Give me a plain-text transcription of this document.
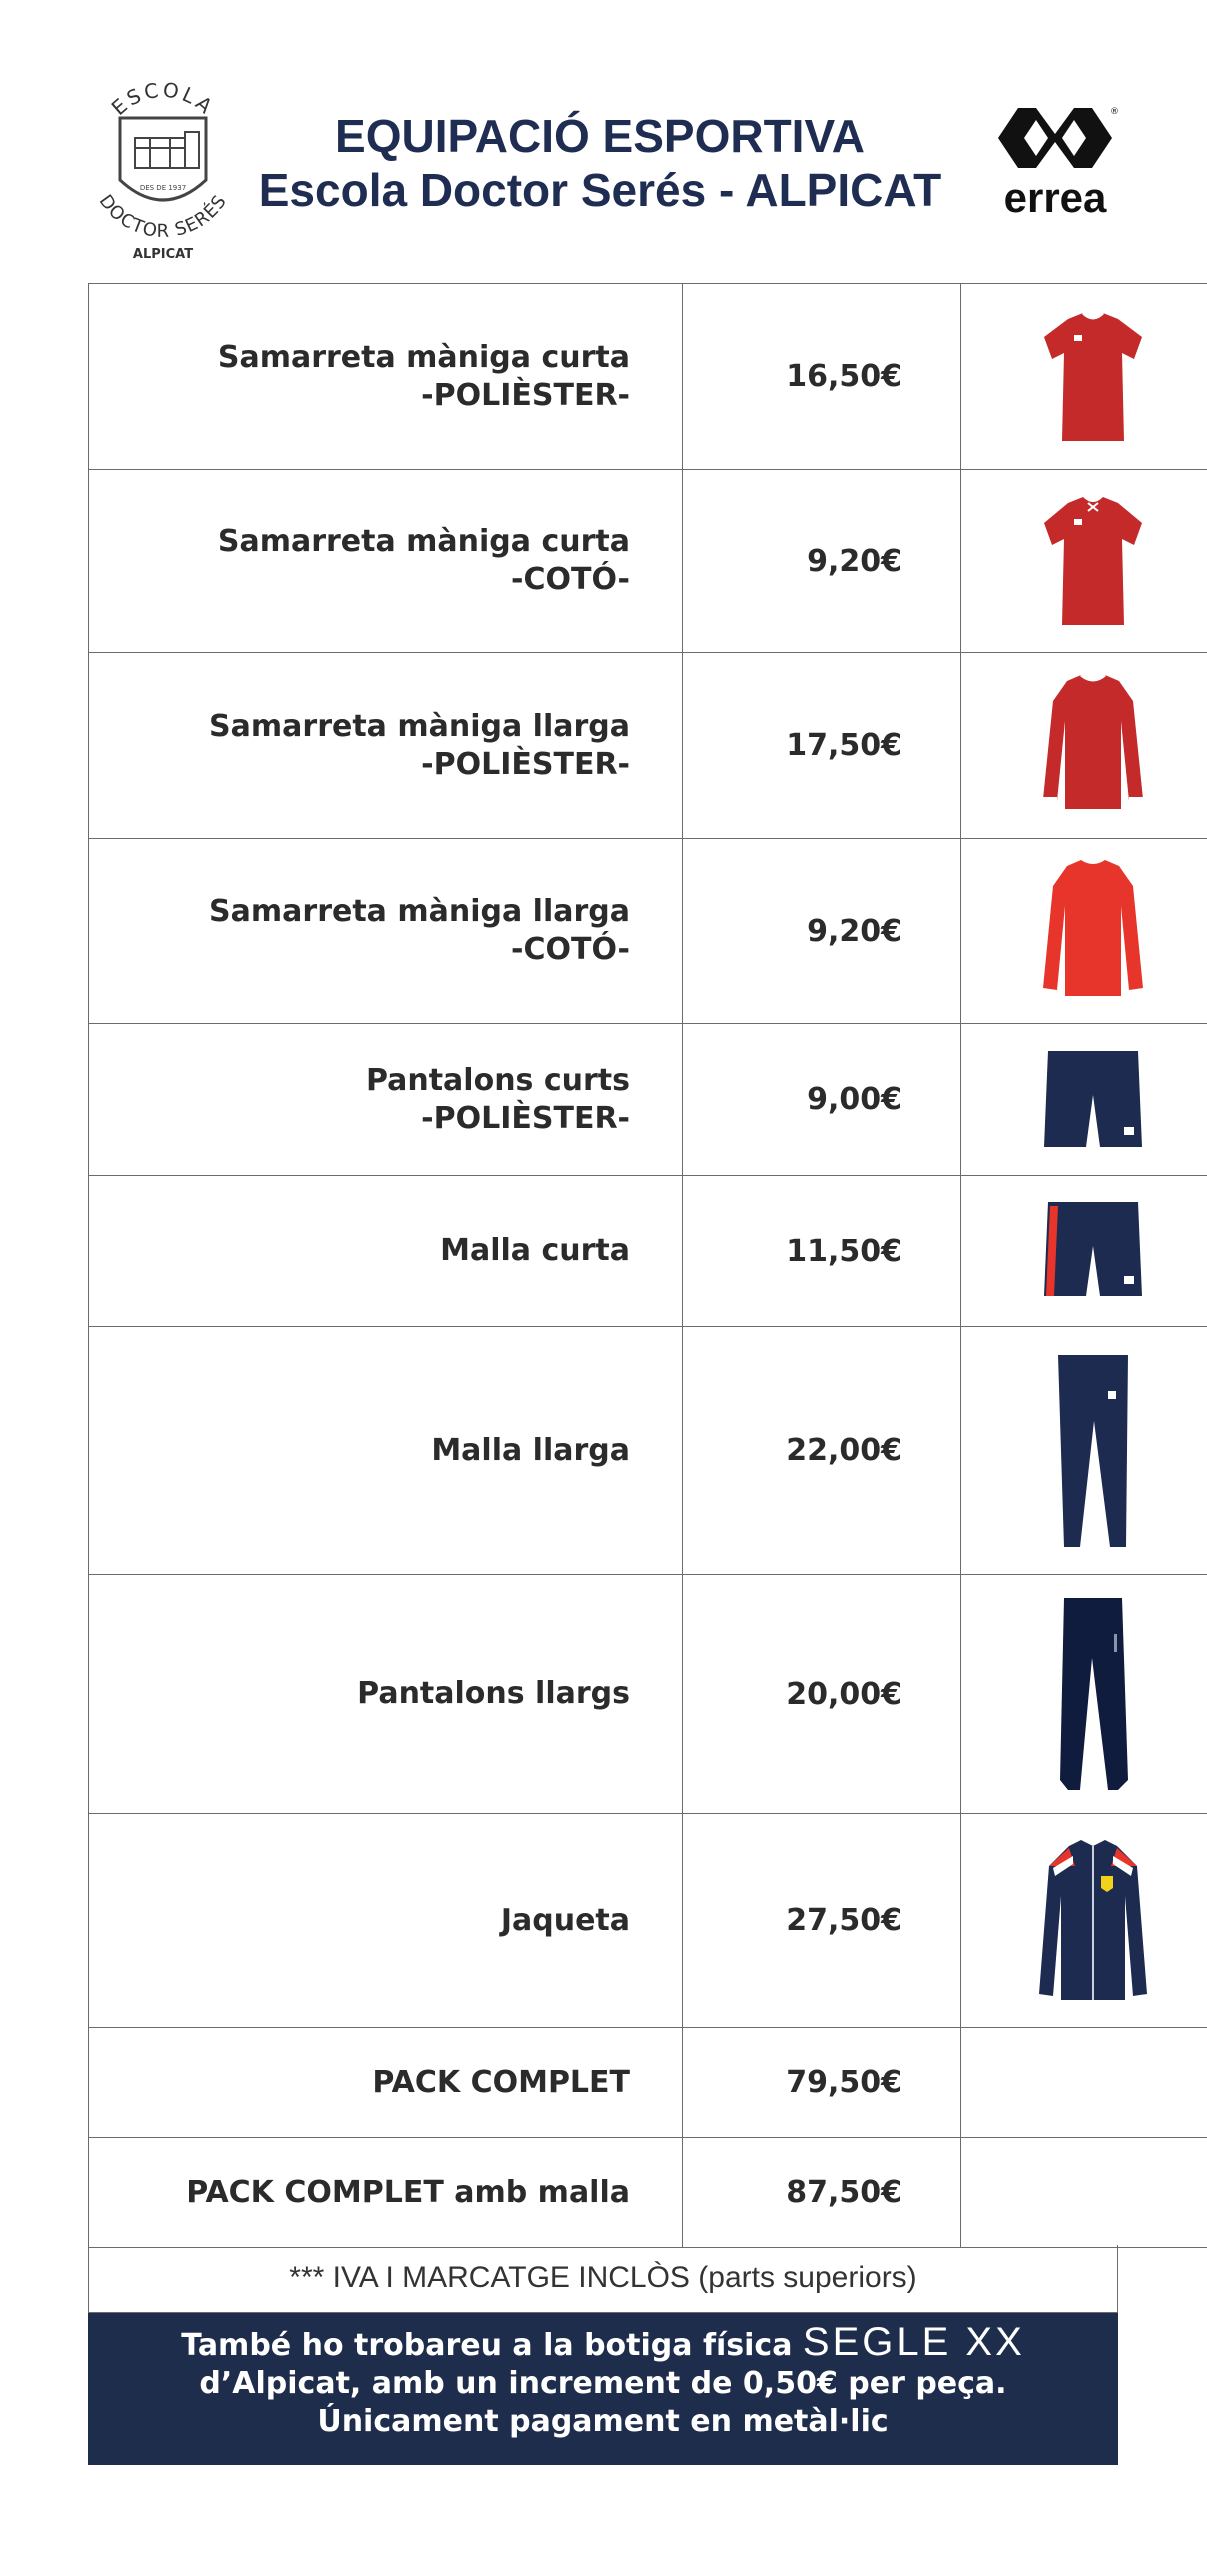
ESCOLA
DES DE 1937
DOCTOR SERÉS
ALPICAT
EQUIPACIÓ ESPORTIVA
Escola Doctor Serés - ALPICAT
®
errea
Samarreta màniga curta
-POLIÈSTER-	16,50€	

Samarreta màniga curta
-COTÓ-	9,20€	

Samarreta màniga llarga
-POLIÈSTER-	17,50€	

Samarreta màniga llarga
-COTÓ-	9,20€	

Pantalons curts
-POLIÈSTER-	9,00€	

Malla curta	11,50€	

Malla llarga	22,00€	

Pantalons llargs	20,00€	

Jaqueta	27,50€	

PACK COMPLET	79,50€	

PACK COMPLET amb malla	87,50€	
*** IVA I MARCATGE INCLÒS (parts superiors)
També ho trobareu a la botiga física SEGLE XX
d’Alpicat, amb un increment de 0,50€ per peça.
Únicament pagament en metàl·lic
